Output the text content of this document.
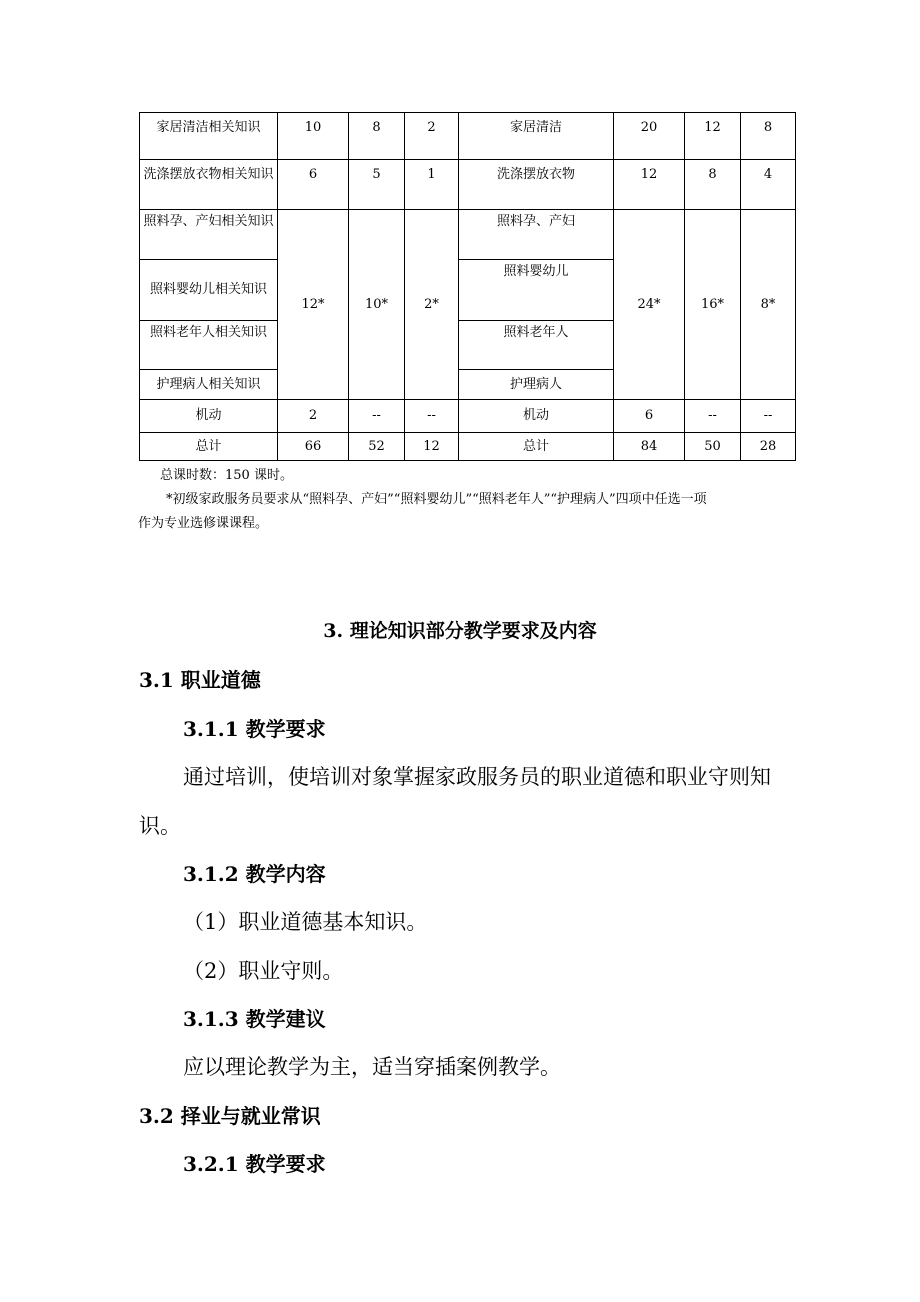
家居清洁相关知识	10	8	2	家居清洁	20	12	8
洗涤摆放衣物相关知识	6	5	1	洗涤摆放衣物	12	8	4
照料孕、产妇相关知识	12*	10*	2*	照料孕、产妇	24*	16*	8*
照料婴幼儿相关知识				照料婴幼儿			
照料老年人相关知识				照料老年人			
护理病人相关知识				护理病人			
机动	2	--	--	机动	6	--	--
总计	66	52	12	总计	84	50	28
总课时数：150 课时。
*初级家政服务员要求从“照料孕、产妇”“照料婴幼儿”“照料老年人”“护理病人”四项中任选一项
作为专业选修课课程。
3. 理论知识部分教学要求及内容
3.1 职业道德
3.1.1 教学要求
通过培训，使培训对象掌握家政服务员的职业道德和职业守则知
识。
3.1.2 教学内容
（1）职业道德基本知识。
（2）职业守则。
3.1.3 教学建议
应以理论教学为主，适当穿插案例教学。
3.2 择业与就业常识
3.2.1 教学要求
